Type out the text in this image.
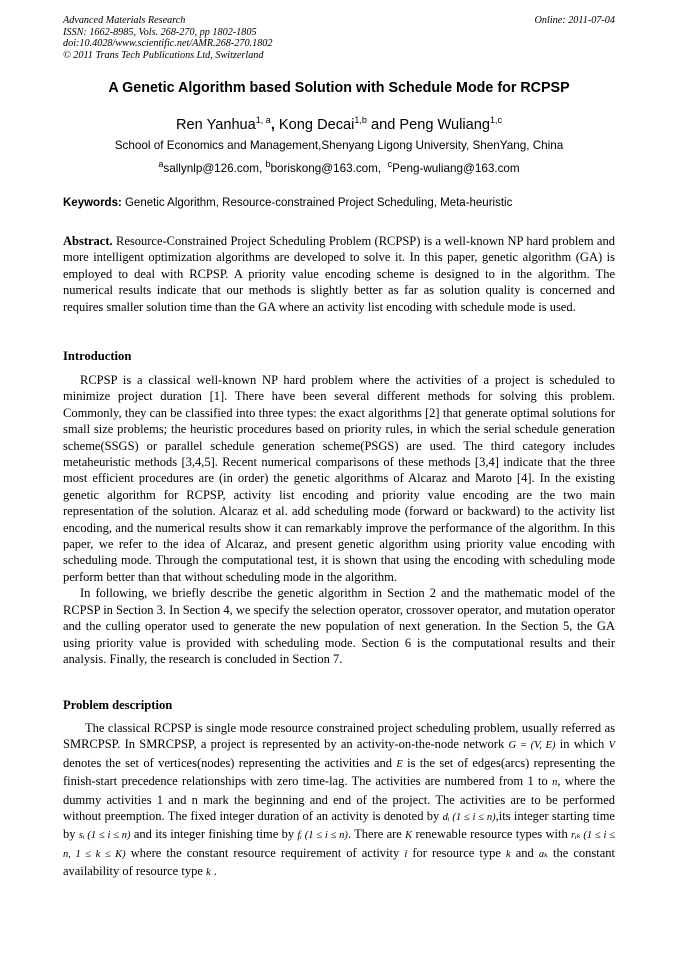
Advanced Materials Research
ISSN: 1662-8985, Vols. 268-270, pp 1802-1805
doi:10.4028/www.scientific.net/AMR.268-270.1802
© 2011 Trans Tech Publications Ltd, Switzerland
Online: 2011-07-04
A Genetic Algorithm based Solution with Schedule Mode for RCPSP
Ren Yanhua$^{1, a}$, Kong Decai$^{1,b}$ and Peng Wuliang$^{1,c}$
School of Economics and Management,Shenyang Ligong University, ShenYang, China
$^a$sallynlp@126.com, $^b$boriskong@163.com, $^c$Peng-wuliang@163.com
Keywords: Genetic Algorithm, Resource-constrained Project Scheduling, Meta-heuristic
Abstract. Resource-Constrained Project Scheduling Problem (RCPSP) is a well-known NP hard problem and more intelligent optimization algorithms are developed to solve it. In this paper, genetic algorithm (GA) is employed to deal with RCPSP. A priority value encoding scheme is designed to in the algorithm. The numerical results indicate that our methods is slightly better as far as solution quality is concerned and requires smaller solution time than the GA where an activity list encoding with schedule mode is used.
Introduction

RCPSP is a classical well-known NP hard problem where the activities of a project is scheduled to minimize project duration [1]. There have been several different methods for solving this problem. Commonly, they can be classified into three types: the exact algorithms [2] that generate optimal solutions for small size problems; the heuristic procedures based on priority rules, in which the serial schedule generation scheme(SSGS) or parallel schedule generation scheme(PSGS) are used. The third category includes metaheuristic methods [3,4,5]. Recent numerical comparisons of these methods [3,4] indicate that the three most efficient procedures are (in order) the genetic algorithms of Alcaraz and Maroto [4]. In the existing genetic algorithm for RCPSP, activity list encoding and priority value encoding are the two main representation of the solution. Alcaraz et al. add scheduling mode (forward or backward) to the activity list encoding, and the numerical results show it can remarkably improve the performance of the algorithm. In this paper, we refer to the idea of Alcaraz, and present genetic algorithm using priority value encoding with scheduling mode. Through the computational test, it is shown that using the encoding with scheduling mode perform better than that without scheduling mode in the algorithm.

In following, we briefly describe the genetic algorithm in Section 2 and the mathematic model of the RCPSP in Section 3. In Section 4, we specify the selection operator, crossover operator, and mutation operator and the culling operator used to generate the new population of next generation. In the Section 5, the GA using priority value is provided with scheduling mode. Section 6 is the computational results and their analysis. Finally, the research is concluded in Section 7.

Problem description

The classical RCPSP is single mode resource constrained project scheduling problem, usually referred as SMRCPSP. In SMRCPSP, a project is represented by an activity-on-the-node network G = (V, E) in which V denotes the set of vertices(nodes) representing the activities and E is the set of edges(arcs) representing the finish-start precedence relationships with zero time-lag. The activities are numbered from 1 to n, where the dummy activities 1 and n mark the beginning and end of the project. The activities are to be performed without preemption. The fixed integer duration of an activity is denoted by dᵢ (1 ≤ i ≤ n),its integer starting time by sᵢ (1 ≤ i ≤ n) and its integer finishing time by fᵢ (1 ≤ i ≤ n). There are K renewable resource types with rᵢₖ (1 ≤ i ≤ n, 1 ≤ k ≤ K) where the constant resource requirement of activity i for resource type k and aₖ the constant availability of resource type k .
